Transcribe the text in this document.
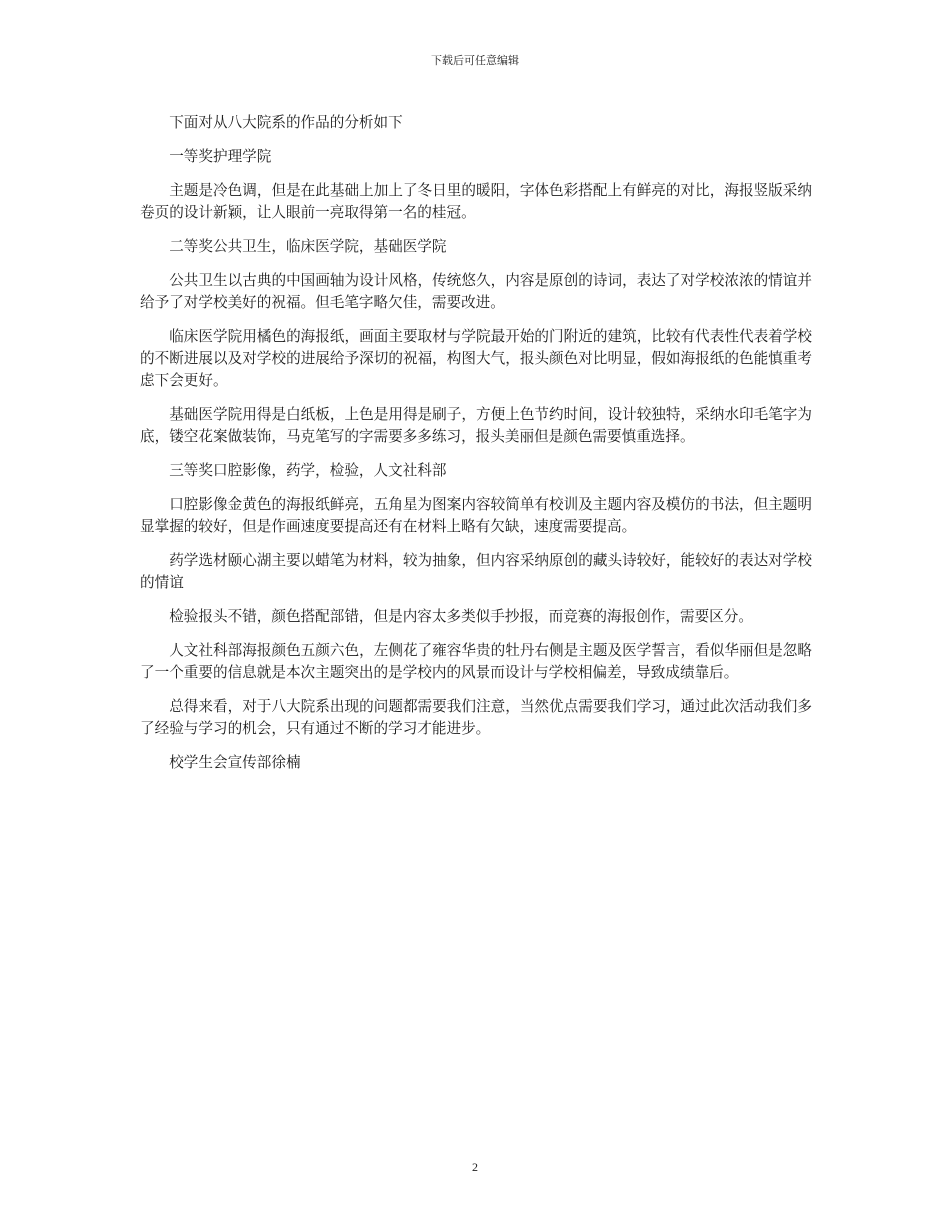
下载后可任意编辑

下面对从八大院系的作品的分析如下

一等奖护理学院

主题是冷色调，但是在此基础上加上了冬日里的暖阳，字体色彩搭配上有鲜亮的对比，海报竖版采纳卷页的设计新颖，让人眼前一亮取得第一名的桂冠。

二等奖公共卫生，临床医学院，基础医学院

公共卫生以古典的中国画轴为设计风格，传统悠久，内容是原创的诗词，表达了对学校浓浓的情谊并给予了对学校美好的祝福。但毛笔字略欠佳，需要改进。

临床医学院用橘色的海报纸，画面主要取材与学院最开始的门附近的建筑，比较有代表性代表着学校的不断进展以及对学校的进展给予深切的祝福，构图大气，报头颜色对比明显，假如海报纸的色能慎重考虑下会更好。

基础医学院用得是白纸板，上色是用得是刷子，方便上色节约时间，设计较独特，采纳水印毛笔字为底，镂空花案做装饰，马克笔写的字需要多多练习，报头美丽但是颜色需要慎重选择。

三等奖口腔影像，药学，检验，人文社科部

口腔影像金黄色的海报纸鲜亮，五角星为图案内容较简单有校训及主题内容及模仿的书法，但主题明显掌握的较好，但是作画速度要提高还有在材料上略有欠缺，速度需要提高。

药学选材颐心湖主要以蜡笔为材料，较为抽象，但内容采纳原创的藏头诗较好，能较好的表达对学校的情谊

检验报头不错，颜色搭配部错，但是内容太多类似手抄报，而竞赛的海报创作，需要区分。

人文社科部海报颜色五颜六色，左侧花了雍容华贵的牡丹右侧是主题及医学誓言，看似华丽但是忽略了一个重要的信息就是本次主题突出的是学校内的风景而设计与学校相偏差，导致成绩靠后。

总得来看，对于八大院系出现的问题都需要我们注意，当然优点需要我们学习，通过此次活动我们多了经验与学习的机会，只有通过不断的学习才能进步。

校学生会宣传部徐楠

2
